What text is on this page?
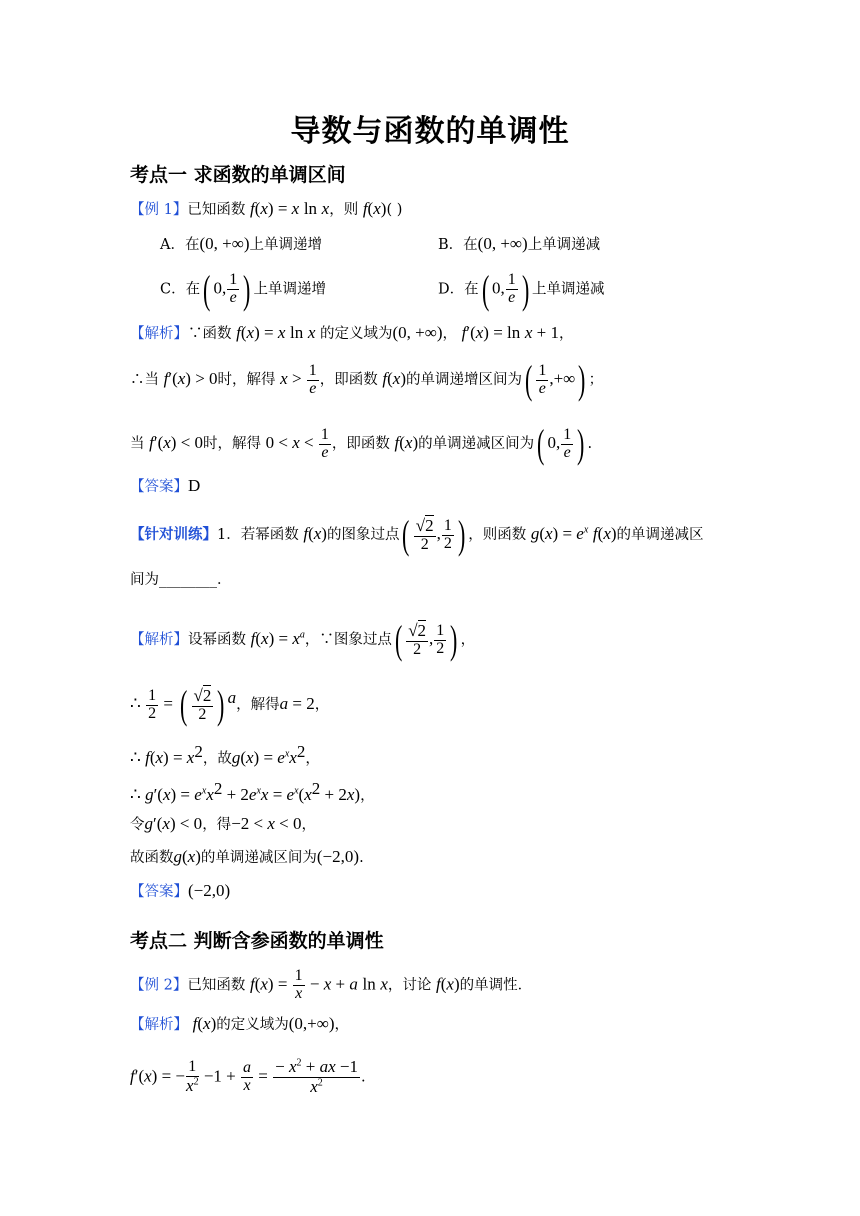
导数与函数的单调性
考点一 求函数的单调区间
【例 1】已知函数 f(x) = x ln x，则 f(x)( )
A．在(0, +∞)上单调递增	B．在(0, +∞)上单调递减
C．在( 0, $\frac{1}{e}$ ) 上单调递增	D．在( 0, $\frac{1}{e}$ ) 上单调递减
【解析】∵函数 f(x) = x ln x 的定义域为(0, +∞)， f′(x) = ln x + 1，
∴当 f′(x) > 0时，解得 $x > \frac{1}{e}$ ，即函数 f(x)的单调递增区间为( $\frac{1}{e}$ ,+∞) ；
当 f′(x) < 0时，解得 $0 < x < \frac{1}{e}$ ，即函数 f(x)的单调递减区间为( 0, $\frac{1}{e}$ ) .
【答案】D
【针对训练】1．若幂函数 f(x)的图象过点( $\frac{√2}{2}$ , $\frac{1}{2}$ ) ，则函数 $g(x) = e^x$ f(x)的单调递减区
间为________．
【解析】设幂函数 $f(x) = x^a$，∵图象过点( $\frac{√2}{2}$ , $\frac{1}{2}$ ) ，
∴ $\frac{1}{2}$ = ( $\frac{√2}{2}$ ) $^a$，解得a = 2，
∴ $f(x) = x^2$，故$g(x) = e^xx^2$，
∴ $g'(x) = e^xx^2 + 2e^xx = e^x(x^2 + 2x)$，
令g′(x) < 0，得−2 < x < 0，
故函数g(x)的单调递减区间为(−2,0).
【答案】(−2,0)
考点二 判断含参函数的单调性
【例 2】已知函数 $f(x) = \frac{1}{x} - x + a$ ln x，讨论 f(x)的单调性．
【解析】 f(x)的定义域为(0,+∞)，
f′(x) = − $\frac{1}{x^2} -1 + \frac{a}{x} = \frac{- x^2 + ax -1}{x^2}$ .
